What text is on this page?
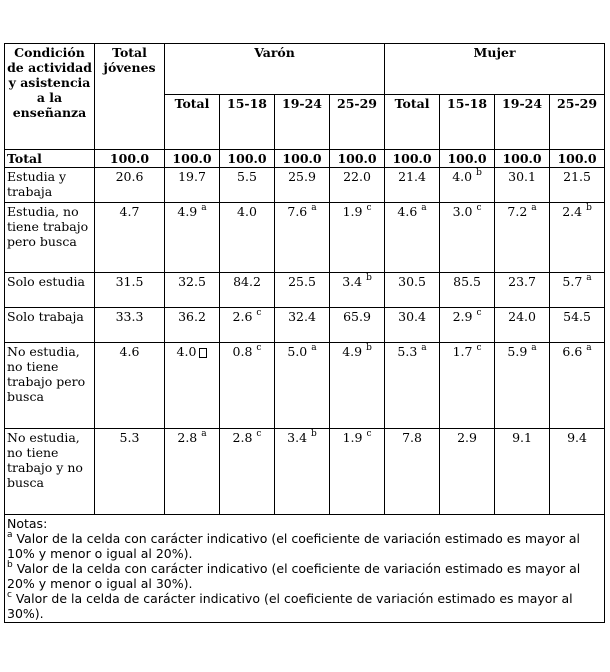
Condición de actividad y asistencia a la enseñanza	Total jóvenes	Varón				Mujer			
		Total	15-18	19-24	25-29	Total	15-18	19-24	25-29
Total	100.0	100.0	100.0	100.0	100.0	100.0	100.0	100.0	100.0
Estudia y trabaja	20.6	19.7	5.5	25.9	22.0	21.4	4.0 $^b$	30.1	21.5
Estudia, no tiene trabajo pero busca	4.7	4.9 $^a$	4.0	7.6 $^a$	1.9 $^c$	4.6 $^a$	3.0 $^c$	7.2 $^a$	2.4 $^b$
Solo estudia	31.5	32.5	84.2	25.5	3.4 $^b$	30.5	85.5	23.7	5.7 $^a$
Solo trabaja	33.3	36.2	2.6 $^c$	32.4	65.9	30.4	2.9 $^c$	24.0	54.5
No estudia, no tiene trabajo pero busca	4.6	4.0	0.8 $^c$	5.0 $^a$	4.9 $^b$	5.3 $^a$	1.7 $^c$	5.9 $^a$	6.6 $^a$
No estudia, no tiene trabajo y no busca	5.3	2.8 $^a$	2.8 $^c$	3.4 $^b$	1.9 $^c$	7.8	2.9	9.1	9.4

Notas:

$^a$ Valor de la celda con carácter indicativo (el coeficiente de variación estimado es mayor al 10% y menor o igual al 20%).

$^b$ Valor de la celda con carácter indicativo (el coeficiente de variación estimado es mayor al 20% y menor o igual al 30%).

$^c$ Valor de la celda de carácter indicativo (el coeficiente de variación estimado es mayor al 30%).									
